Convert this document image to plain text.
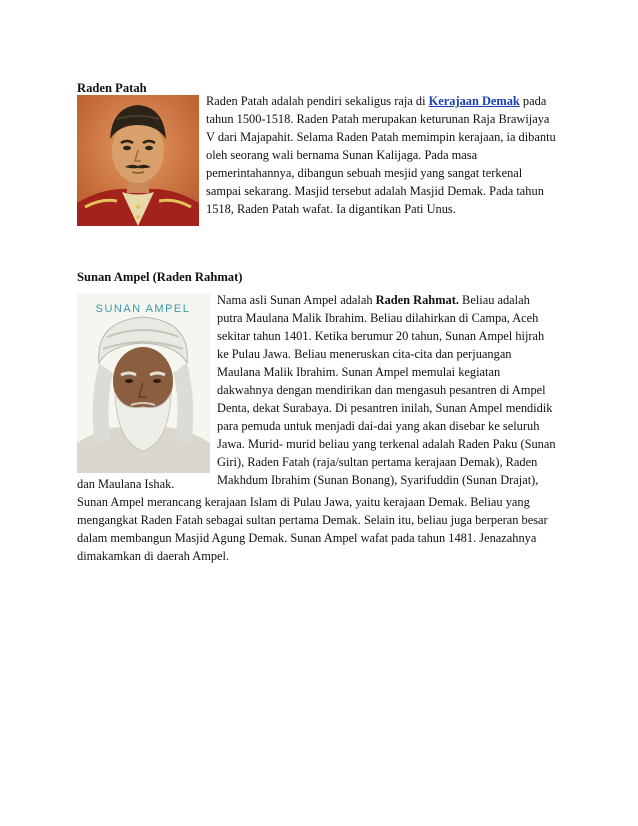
Raden Patah
Raden Patah adalah pendiri sekaligus raja di Kerajaan Demak pada
tahun 1500-1518. Raden Patah merupakan keturunan Raja Brawijaya
V dari Majapahit. Selama Raden Patah memimpin kerajaan, ia dibantu
oleh seorang wali bernama Sunan Kalijaga. Pada masa
pemerintahannya, dibangun sebuah mesjid yang sangat terkenal
sampai sekarang. Masjid tersebut adalah Masjid Demak. Pada tahun
1518, Raden Patah wafat. Ia digantikan Pati Unus.
Sunan Ampel (Raden Rahmat)
SUNAN AMPEL
Nama asli Sunan Ampel adalah Raden Rahmat. Beliau adalah
putra Maulana Malik Ibrahim. Beliau dilahirkan di Campa, Aceh
sekitar tahun 1401. Ketika berumur 20 tahun, Sunan Ampel hijrah
ke Pulau Jawa. Beliau meneruskan cita-cita dan perjuangan
Maulana Malik Ibrahim. Sunan Ampel memulai kegiatan
dakwahnya dengan mendirikan dan mengasuh pesantren di Ampel
Denta, dekat Surabaya. Di pesantren inilah, Sunan Ampel mendidik
para pemuda untuk menjadi dai-dai yang akan disebar ke seluruh
Jawa. Murid- murid beliau yang terkenal adalah Raden Paku (Sunan
Giri), Raden Fatah (raja/sultan pertama kerajaan Demak), Raden
Makhdum Ibrahim (Sunan Bonang), Syarifuddin (Sunan Drajat),
dan Maulana Ishak.
Sunan Ampel merancang kerajaan Islam di Pulau Jawa, yaitu kerajaan Demak. Beliau yang
mengangkat Raden Fatah sebagai sultan pertama Demak. Selain itu, beliau juga berperan besar
dalam membangun Masjid Agung Demak. Sunan Ampel wafat pada tahun 1481. Jenazahnya
dimakamkan di daerah Ampel.
